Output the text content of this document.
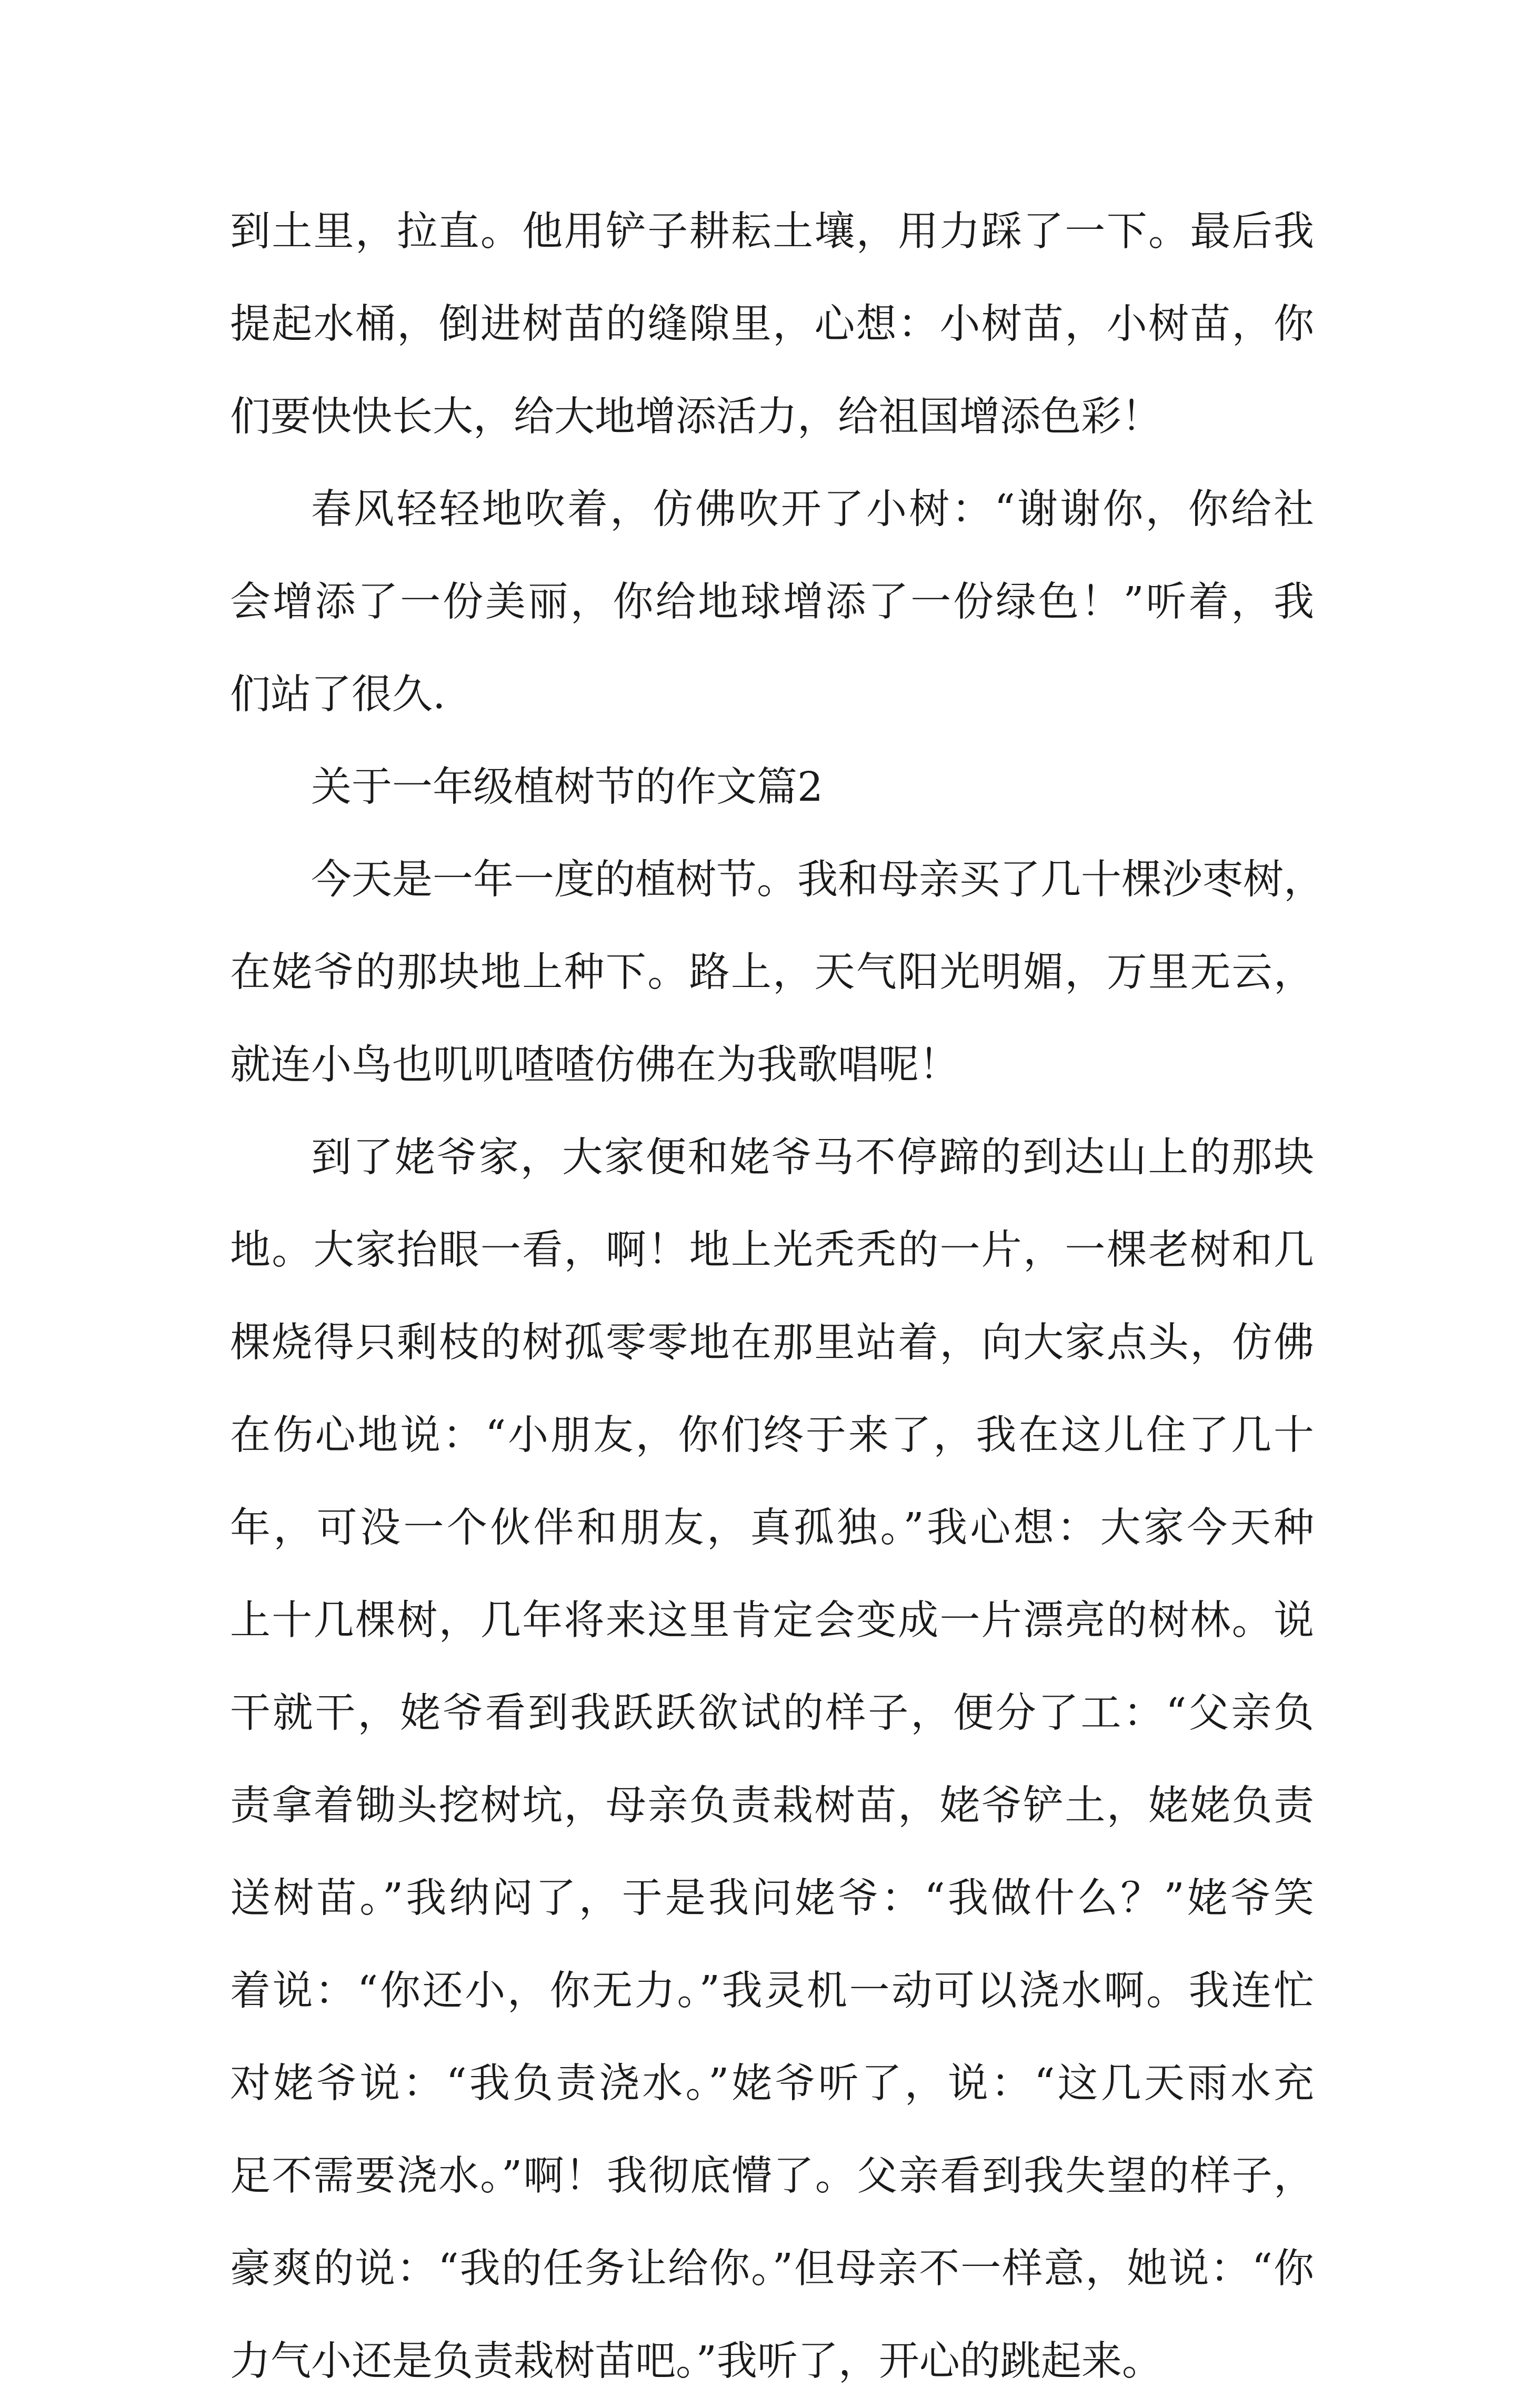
到土里，拉直。他用铲子耕耘土壤，用力踩了一下。最后我
提起水桶，倒进树苗的缝隙里，心想：小树苗，小树苗，你
们要快快长大，给大地增添活力，给祖国增添色彩！
春风轻轻地吹着，仿佛吹开了小树：“谢谢你，你给社
会增添了一份美丽，你给地球增添了一份绿色！”听着，我
们站了很久.
关于一年级植树节的作文篇2
今天是一年一度的植树节。我和母亲买了几十棵沙枣树，
在姥爷的那块地上种下。路上，天气阳光明媚，万里无云，
就连小鸟也叽叽喳喳仿佛在为我歌唱呢！
到了姥爷家，大家便和姥爷马不停蹄的到达山上的那块
地。大家抬眼一看，啊！地上光秃秃的一片，一棵老树和几
棵烧得只剩枝的树孤零零地在那里站着，向大家点头，仿佛
在伤心地说：“小朋友，你们终于来了，我在这儿住了几十
年，可没一个伙伴和朋友，真孤独。”我心想：大家今天种
上十几棵树，几年将来这里肯定会变成一片漂亮的树林。说
干就干，姥爷看到我跃跃欲试的样子，便分了工：“父亲负
责拿着锄头挖树坑，母亲负责栽树苗，姥爷铲土，姥姥负责
送树苗。”我纳闷了，于是我问姥爷：“我做什么？”姥爷笑
着说：“你还小，你无力。”我灵机一动可以浇水啊。我连忙
对姥爷说：“我负责浇水。”姥爷听了，说：“这几天雨水充
足不需要浇水。”啊！我彻底懵了。父亲看到我失望的样子，
豪爽的说：“我的任务让给你。”但母亲不一样意，她说：“你
力气小还是负责栽树苗吧。”我听了，开心的跳起来。
